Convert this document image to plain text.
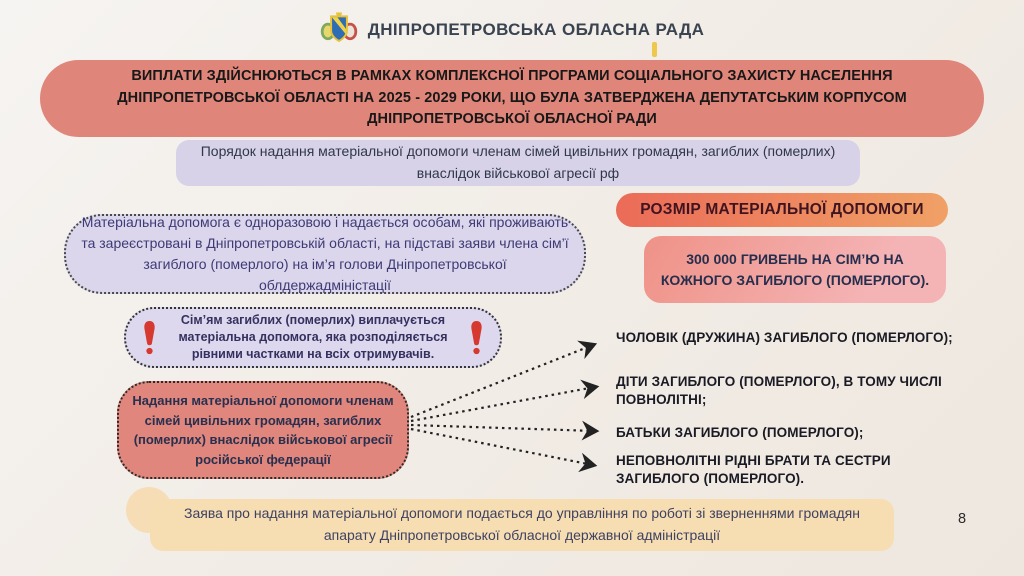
ДНІПРОПЕТРОВСЬКА ОБЛАСНА РАДА
ВИПЛАТИ ЗДІЙСНЮЮТЬСЯ В РАМКАХ КОМПЛЕКСНОЇ ПРОГРАМИ СОЦІАЛЬНОГО ЗАХИСТУ НАСЕЛЕННЯ ДНІПРОПЕТРОВСЬКОЇ ОБЛАСТІ НА 2025 - 2029 РОКИ, ЩО БУЛА ЗАТВЕРДЖЕНА ДЕПУТАТСЬКИМ КОРПУСОМ ДНІПРОПЕТРОВСЬКОЇ ОБЛАСНОЇ РАДИ
Порядок надання матеріальної допомоги членам сімей цивільних громадян, загиблих (померлих) внаслідок військової агресії рф
Матеріальна допомога є одноразовою і надається особам, які проживають та зареєстровані в Дніпропетровській області, на підставі заяви члена сім’ї загиблого (померлого) на ім’я голови Дніпропетровської облдержадміністації
Сім’ям загиблих (померлих) виплачується матеріальна допомога, яка розподіляється рівними частками на всіх отримувачів.
Надання матеріальної допомоги членам сімей цивільних громадян, загиблих (померлих) внаслідок військової агресії російської федерації
РОЗМІР МАТЕРІАЛЬНОЇ ДОПОМОГИ
300 000 ГРИВЕНЬ НА СІМ’Ю НА КОЖНОГО ЗАГИБЛОГО (ПОМЕРЛОГО).
ЧОЛОВІК (ДРУЖИНА) ЗАГИБЛОГО (ПОМЕРЛОГО);
ДІТИ ЗАГИБЛОГО (ПОМЕРЛОГО), В ТОМУ ЧИСЛІ ПОВНОЛІТНІ;
БАТЬКИ ЗАГИБЛОГО (ПОМЕРЛОГО);
НЕПОВНОЛІТНІ РІДНІ БРАТИ ТА СЕСТРИ ЗАГИБЛОГО (ПОМЕРЛОГО).
Заява про надання матеріальної допомоги подається до управління по роботі зі зверненнями громадян апарату Дніпропетровської обласної державної адміністрації
8
